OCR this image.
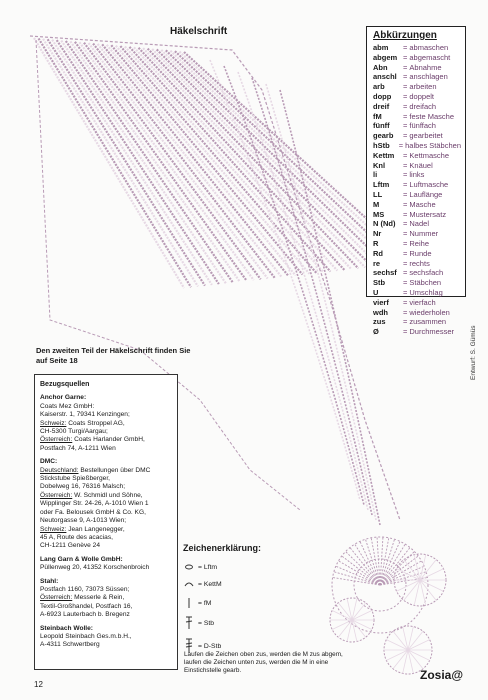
Häkelschrift	Abkürzungen
abm	= abmaschen
abgem = abgemascht
Abn	= Abnahme
anschl = anschlagen
arb	= arbeiten
dopp	= doppelt
dreif	= dreifach
fM	= feste Masche
fünff	= fünffach
gearb	= gearbeitet
hStb	= halbes Stäbchen
Kettm	= Kettmasche
Knl	= Knäuel
li	= links
Lftm	= Luftmasche
LL	= Lauflänge
M	= Masche
MS	= Mustersatz
N (Nd)	= Nadel
Nr	= Nummer
R	= Reihe
Rd	= Runde
re	= rechts
sechsf = sechsfach
Stb	= Stäbchen
U	= Umschlag
vierf	= vierfach
wdh	= wiederholen
zus	= zusammen
Ø	= Durchmesser
Den zweiten Teil der Häkelschrift finden Sie auf Seite 18
Bezugsquellen
Anchor Garne:
Coats Mez GmbH:
Kaiserstr. 1, 79341 Kenzingen;
Schweiz: Coats Stroppel AG,
CH-5300 Turgi/Aargau;
Österreich: Coats Harlander GmbH,
Postfach 74, A-1211 Wien
DMC:
Deutschland: Bestellungen über DMC
Stickstube Spießberger,
Dobelweg 16, 76316 Malsch;
Österreich: W. Schmidl und Söhne,
Wipplinger Str. 24-26, A-1010 Wien 1
oder Fa. Belousek GmbH & Co. KG,
Neutorgasse 9, A-1013 Wien;
Schweiz: Jean Langenegger,
45 A, Route des acacias,
CH-1211 Genève 24
Lang Garn & Wolle GmbH:
Püllenweg 20, 41352 Korschenbroich
Stahl:
Postfach 1160, 73073 Süssen;
Österreich: Messerle & Rein,
Textil-Großhandel, Postfach 16,
A-6923 Lauterbach b. Bregenz
Steinbach Wolle:
Leopold Steinbach Ges.m.b.H.,
A-4311 Schwertberg
Zeichenerklärung:
= Lftm
= KettM
= fM
= Stb
= D-Stb
Laufen die Zeichen oben zus, werden die M zus abgem, laufen die Zeichen unten zus, werden die M in eine Einstichstelle gearb.
Entwurf: S. Gümüs
12
Zosia@
